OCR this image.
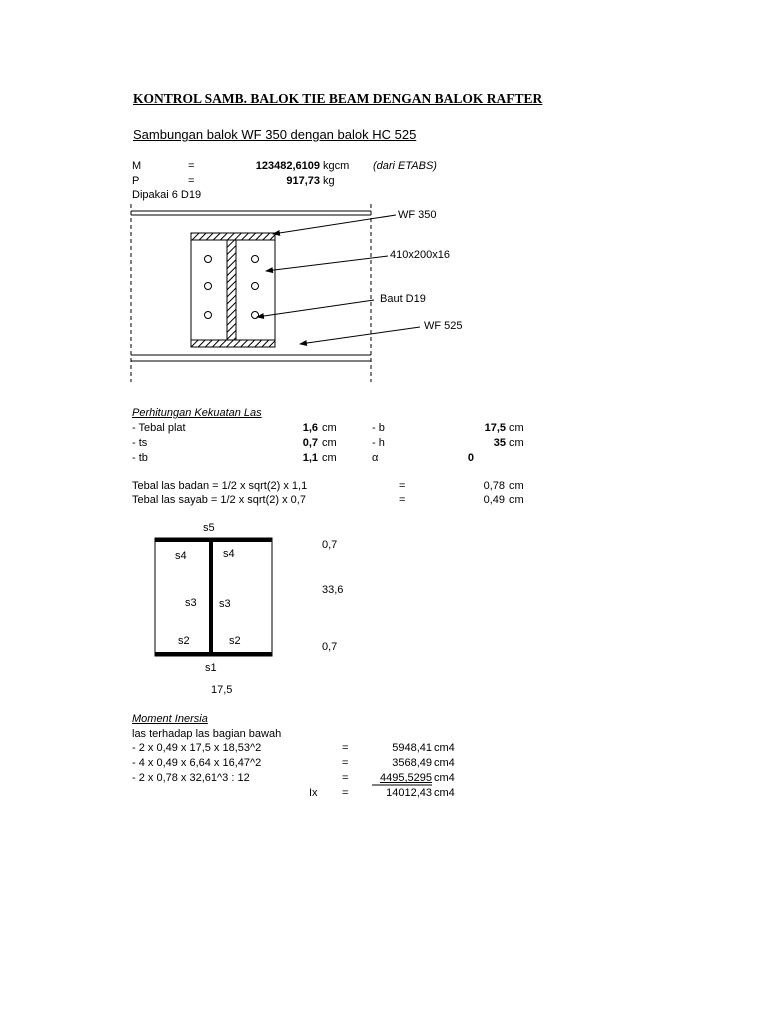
KONTROL SAMB. BALOK TIE BEAM DENGAN BALOK RAFTER
Sambungan balok WF 350 dengan balok HC 525
M	=	123482,6109 kgcm (dari ETABS)
P	=	917,73 kg
Dipakai 6 D19
WF 350
410x200x16
Baut D19
WF 525
Perhitungan Kekuatan Las
- Tebal plat	1,6 cm	- b	17,5 cm
- ts	0,7 cm	- h	35 cm
- tb	1,1 cm	α	0
Tebal las badan = 1/2 x sqrt(2) x 1,1	=	0,78 cm
Tebal las sayab = 1/2 x sqrt(2) x 0,7	=	0,49 cm
s5
s4	s4
s3 s3
s2	s2
s1
0,7
33,6
0,7
17,5
Moment Inersia
las terhadap las bagian bawah
- 2 x 0,49 x 17,5 x 18,53^2	=	5948,41 cm4
- 4 x 0,49 x 6,64 x 16,47^2	=	3568,49 cm4
- 2 x 0,78 x 32,61^3 : 12	=	4495,5295 cm4
Ix =	14012,43 cm4
